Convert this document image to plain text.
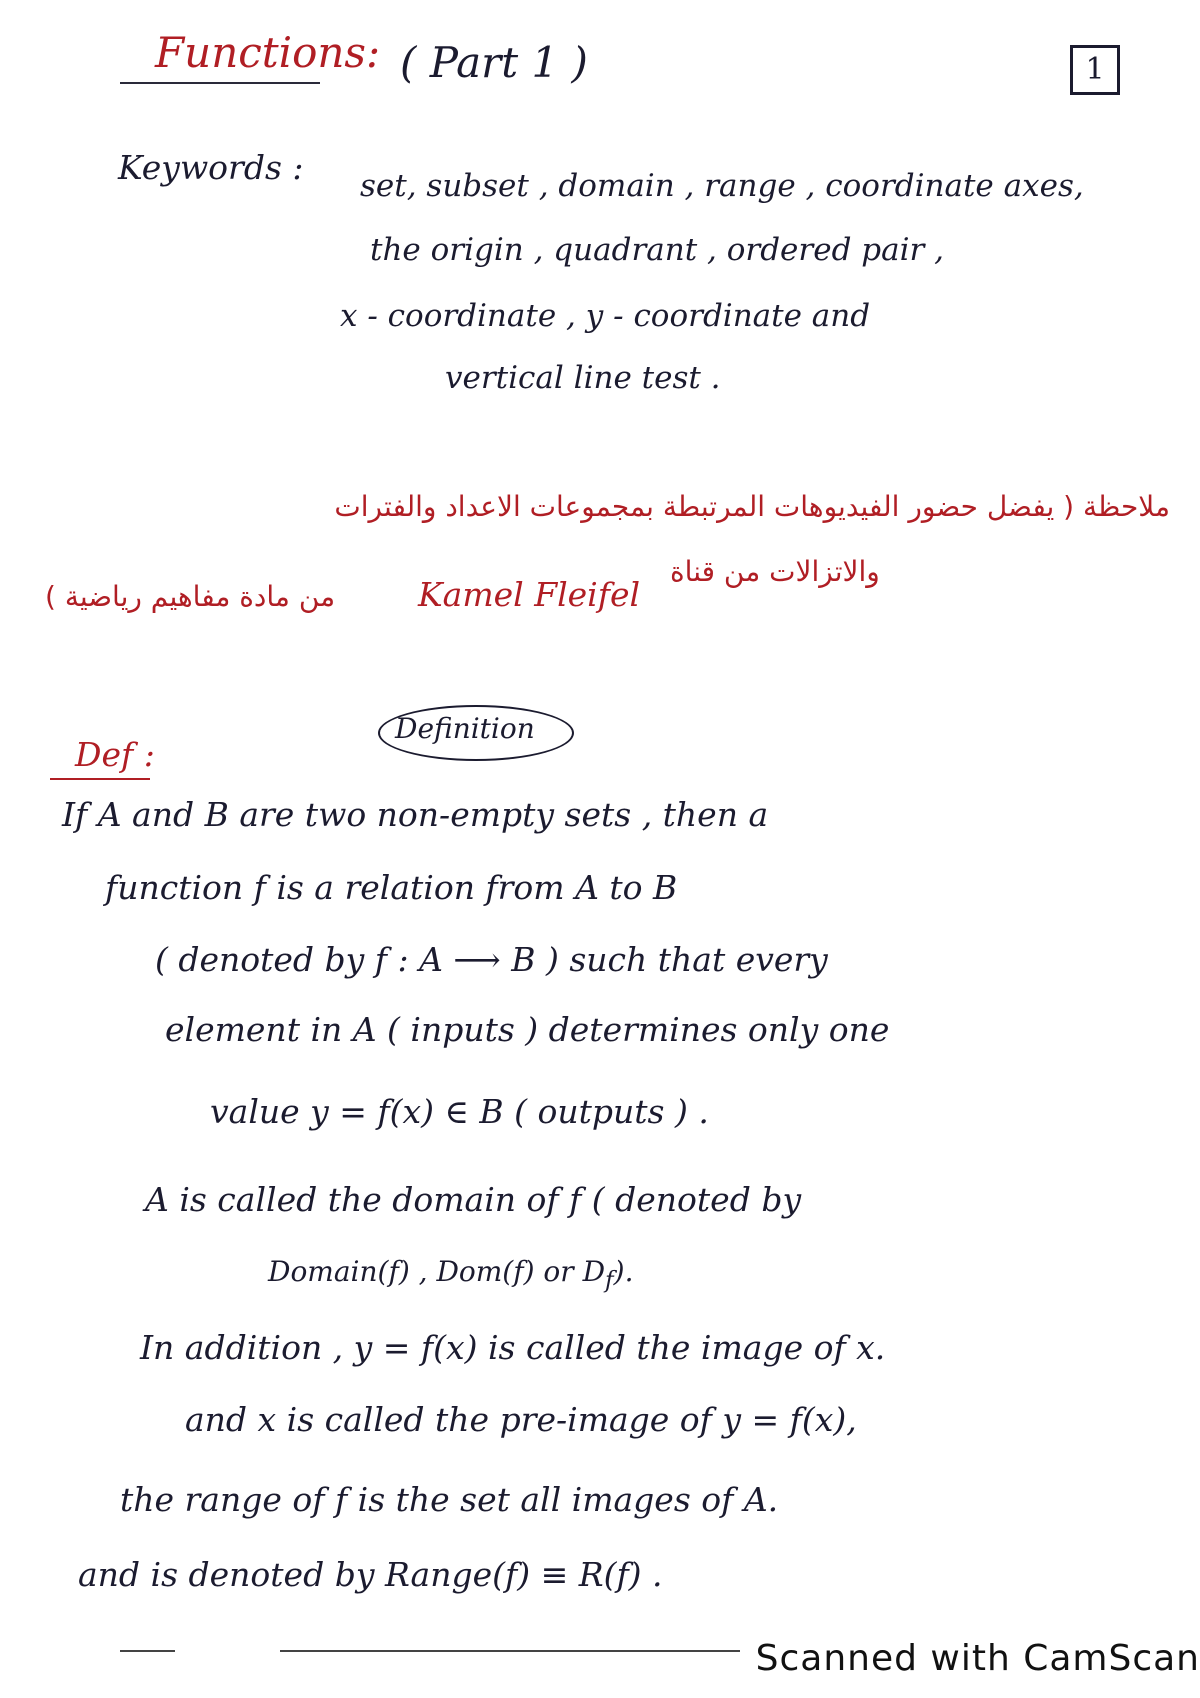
Functions: ( Part 1 )	1
Keywords : set, subset , domain , range , coordinate axes,
the origin , quadrant , ordered pair ,
x - coordinate , y - coordinate and
vertical line test .
ملاحظة ( يفضل حضور الفيديوهات المرتبطة بمجموعات الاعداد والفترات
والاتزالات من قناة
Kamel Fleifel
من مادة مفاهيم رياضية )
Def :
Definition
If A and B are two non-empty sets , then a
function f is a relation from A to B
( denoted by f : A ⟶ B ) such that every
element in A ( inputs ) determines only one
value y = f(x) ∈ B ( outputs ) .
A is called the domain of f ( denoted by
Domain(f) , Dom(f) or $D_f$).
In addition , y = f(x) is called the image of x.
and x is called the pre-image of y = f(x),
the range of f is the set all images of A.
and is denoted by Range(f) ≡ R(f) .
Scanned with CamScan
